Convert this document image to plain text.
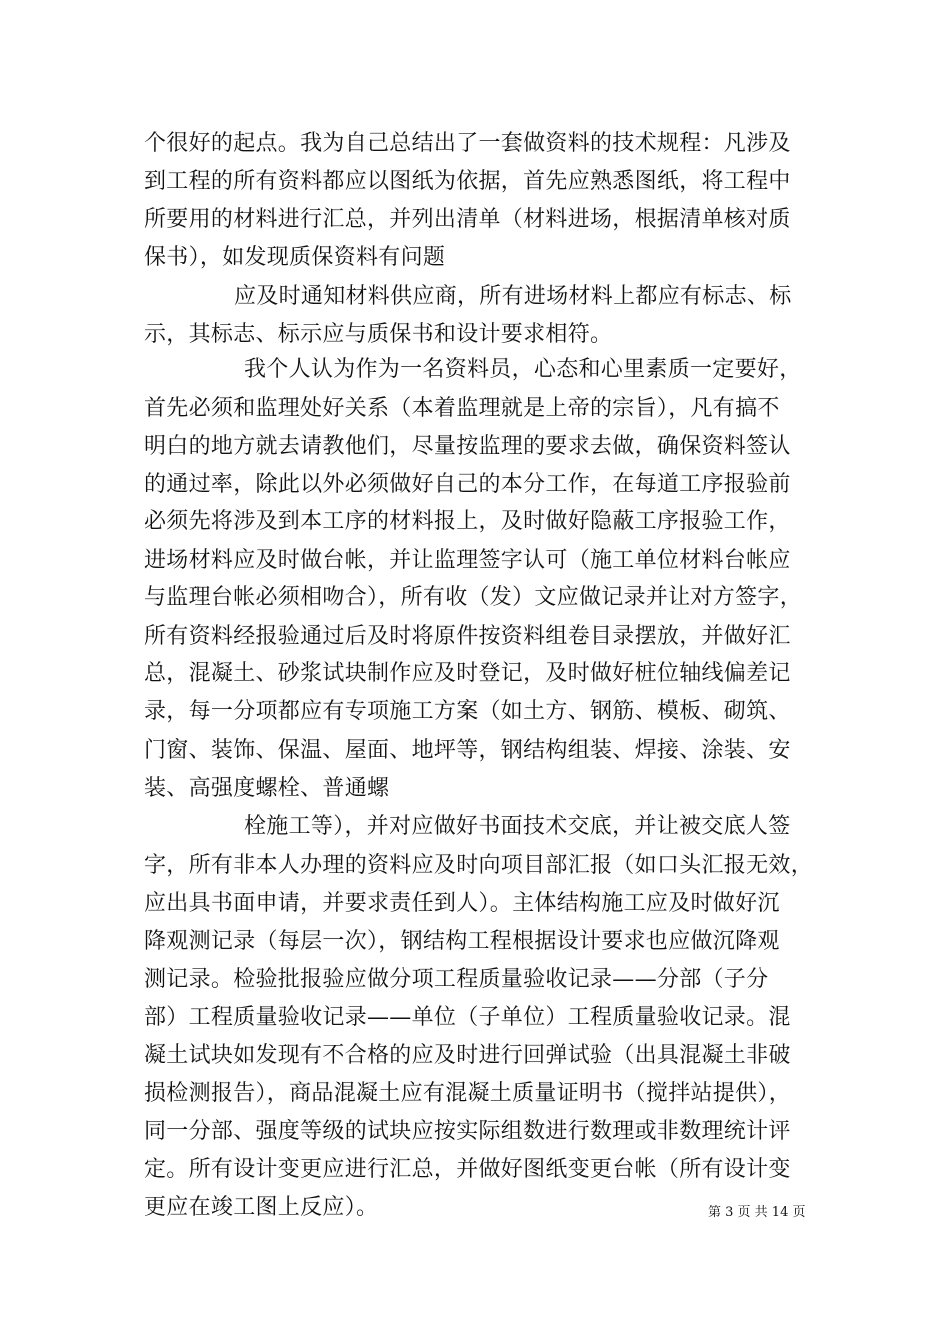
个很好的起点。我为自己总结出了一套做资料的技术规程：凡涉及
到工程的所有资料都应以图纸为依据，首先应熟悉图纸，将工程中
所要用的材料进行汇总，并列出清单（材料进场，根据清单核对质
保书），如发现质保资料有问题
应及时通知材料供应商，所有进场材料上都应有标志、标
示，其标志、标示应与质保书和设计要求相符。
我个人认为作为一名资料员，心态和心里素质一定要好，
首先必须和监理处好关系（本着监理就是上帝的宗旨），凡有搞不
明白的地方就去请教他们，尽量按监理的要求去做，确保资料签认
的通过率，除此以外必须做好自己的本分工作，在每道工序报验前
必须先将涉及到本工序的材料报上，及时做好隐蔽工序报验工作，
进场材料应及时做台帐，并让监理签字认可（施工单位材料台帐应
与监理台帐必须相吻合），所有收（发）文应做记录并让对方签字，
所有资料经报验通过后及时将原件按资料组卷目录摆放，并做好汇
总，混凝土、砂浆试块制作应及时登记，及时做好桩位轴线偏差记
录，每一分项都应有专项施工方案（如土方、钢筋、模板、砌筑、
门窗、装饰、保温、屋面、地坪等，钢结构组装、焊接、涂装、安
装、高强度螺栓、普通螺
栓施工等），并对应做好书面技术交底，并让被交底人签
字，所有非本人办理的资料应及时向项目部汇报（如口头汇报无效，
应出具书面申请，并要求责任到人）。主体结构施工应及时做好沉
降观测记录（每层一次），钢结构工程根据设计要求也应做沉降观
测记录。检验批报验应做分项工程质量验收记录——分部（子分
部）工程质量验收记录——单位（子单位）工程质量验收记录。混
凝土试块如发现有不合格的应及时进行回弹试验（出具混凝土非破
损检测报告），商品混凝土应有混凝土质量证明书（搅拌站提供），
同一分部、强度等级的试块应按实际组数进行数理或非数理统计评
定。所有设计变更应进行汇总，并做好图纸变更台帐（所有设计变
更应在竣工图上反应）。	第 3 页 共 14 页
